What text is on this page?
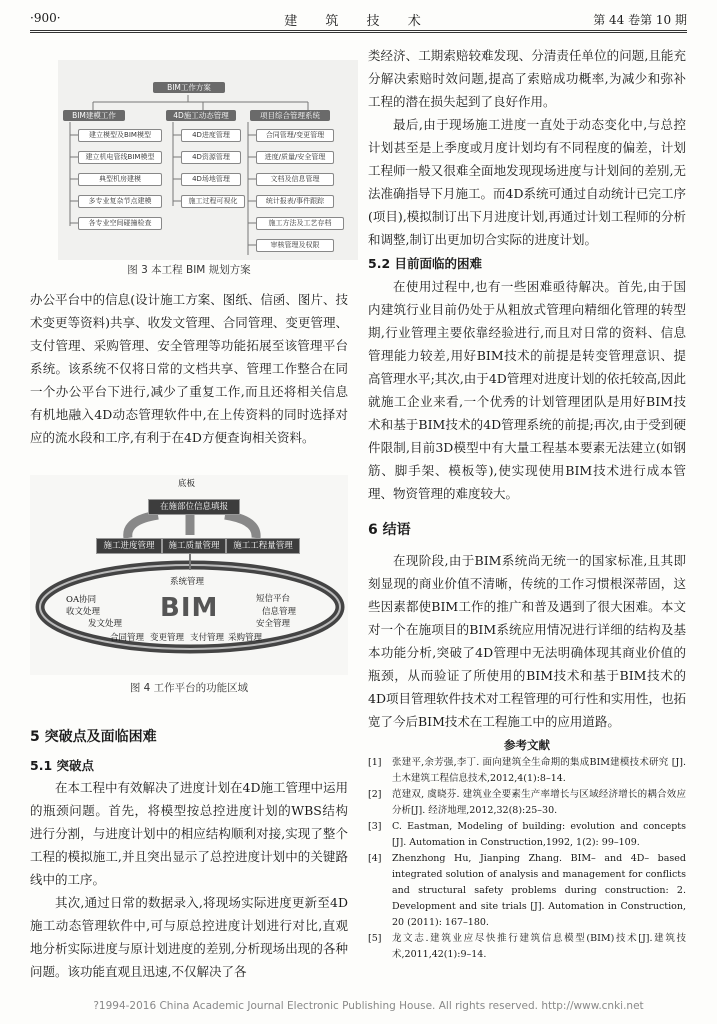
·900·	建 筑 技 术	第 44 卷第 10 期
BIM工作方案
BIM建模工作
建立模型及BIM模型
建立机电管线BIM模型
典型机房建模
多专业复杂节点建模
各专业空间碰撞检查
4D施工动态管理
4D进度管理
4D资源管理
4D场地管理
施工过程可视化
项目综合管理系统
合同管理/变更管理
进度/质量/安全管理
文档及信息管理
统计报表/事件跟踪
施工方法及工艺存档
审核管理及权限
图 3 本工程 BIM 规划方案

办公平台中的信息(设计施工方案、图纸、信函、图片、技术变更等资料)共享、收发文管理、合同管理、变更管理、支付管理、采购管理、安全管理等功能拓展至该管理平台系统。该系统不仅将日常的文档共享、管理工作整合在同一个办公平台下进行,减少了重复工作,而且还将相关信息有机地融入4D动态管理软件中,在上传资料的同时选择对应的流水段和工序,有利于在4D方便查询相关资料。

底板
在施部位信息填报
施工进度管理	施工质量管理	施工工程量管理
系统管理
OA协同
收文处理
发文处理
合同管理 变更管理 支付管理 采购管理
安全管理
信息管理
短信平台
BIM
图 4 工作平台的功能区域

5 突破点及面临困难

5.1 突破点

在本工程中有效解决了进度计划在4D施工管理中运用的瓶颈问题。首先，将模型按总控进度计划的WBS结构进行分割，与进度计划中的相应结构顺利对接,实现了整个工程的模拟施工,并且突出显示了总控进度计划中的关键路线中的工序。

其次,通过日常的数据录入,将现场实际进度更新至4D施工动态管理软件中,可与原总控进度计划进行对比,直观地分析实际进度与原计划进度的差别,分析现场出现的各种问题。该功能直观且迅速,不仅解决了各

类经济、工期索赔较难发现、分清责任单位的问题,且能充分解决索赔时效问题,提高了索赔成功概率,为减少和弥补工程的潜在损失起到了良好作用。

最后,由于现场施工进度一直处于动态变化中,与总控计划甚至是上季度或月度计划均有不同程度的偏差，计划工程师一般又很难全面地发现现场进度与计划间的差别,无法准确指导下月施工。而4D系统可通过自动统计已完工序(项目),模拟制订出下月进度计划,再通过计划工程师的分析和调整,制订出更加切合实际的进度计划。

5.2 目前面临的困难

在使用过程中,也有一些困难亟待解决。首先,由于国内建筑行业目前仍处于从粗放式管理向精细化管理的转型期,行业管理主要依靠经验进行,而且对日常的资料、信息管理能力较差,用好BIM技术的前提是转变管理意识、提高管理水平;其次,由于4D管理对进度计划的依托较高,因此就施工企业来看,一个优秀的计划管理团队是用好BIM技术和基于BIM技术的4D管理系统的前提;再次,由于受到硬件限制,目前3D模型中有大量工程基本要素无法建立(如钢筋、脚手架、模板等),使实现使用BIM技术进行成本管理、物资管理的难度较大。

6 结语

在现阶段,由于BIM系统尚无统一的国家标准,且其即刻显现的商业价值不清晰，传统的工作习惯根深蒂固，这些因素都使BIM工作的推广和普及遇到了很大困难。本文对一个在施项目的BIM系统应用情况进行详细的结构及基本功能分析,突破了4D管理中无法明确体现其商业价值的瓶颈，从而验证了所使用的BIM技术和基于BIM技术的4D项目管理软件技术对工程管理的可行性和实用性，也拓宽了今后BIM技术在工程施工中的应用道路。

参考文献
[1] 张建平,余芳强,李丁. 面向建筑全生命期的集成BIM建模技术研究 [J]. 土木建筑工程信息技术,2012,4(1):8–14.
[2] 范建双, 虞晓芬. 建筑业全要素生产率增长与区域经济增长的耦合效应分析[J]. 经济地理,2012,32(8):25–30.
[3] C. Eastman, Modeling of building: evolution and concepts [J]. Automation in Construction,1992, 1(2): 99–109.
[4] Zhenzhong Hu, Jianping Zhang. BIM– and 4D– based integrated solution of analysis and management for conflicts and structural safety problems during construction: 2. Development and site trials [J]. Automation in Construction, 20 (2011): 167–180.
[5] 龙文志.建筑业应尽快推行建筑信息模型(BIM)技术[J].建筑技术,2011,42(1):9–14.
?1994-2016 China Academic Journal Electronic Publishing House. All rights reserved. http://www.cnki.net
